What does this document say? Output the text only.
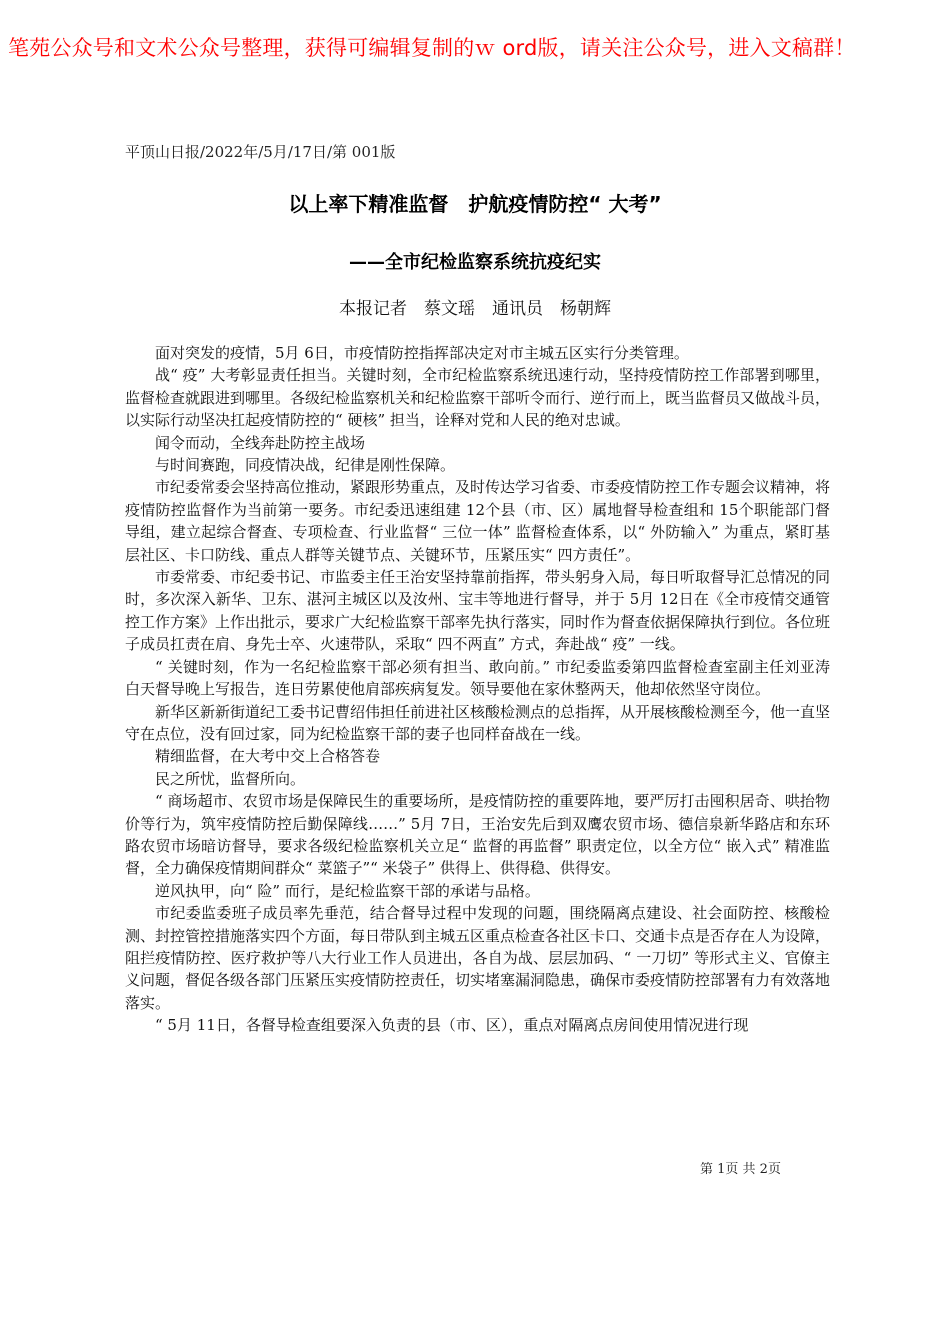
笔苑公众号和文术公众号整理，获得可编辑复制的ｗ ord版，请关注公众号，进入文稿群！
平顶山日报/2022年/5月/17日/第 001版
以上率下精准监督　护航疫情防控“ 大考”
——全市纪检监察系统抗疫纪实
本报记者　蔡文瑶　通讯员　杨朝辉

面对突发的疫情，5月 6日，市疫情防控指挥部决定对市主城五区实行分类管理。

战“ 疫” 大考彰显责任担当。关键时刻，全市纪检监察系统迅速行动，坚持疫情防控工作部署到哪里，监督检查就跟进到哪里。各级纪检监察机关和纪检监察干部听令而行、逆行而上，既当监督员又做战斗员，以实际行动坚决扛起疫情防控的“ 硬核” 担当，诠释对党和人民的绝对忠诚。

闻令而动，全线奔赴防控主战场

与时间赛跑，同疫情决战，纪律是刚性保障。

市纪委常委会坚持高位推动，紧跟形势重点，及时传达学习省委、市委疫情防控工作专题会议精神，将疫情防控监督作为当前第一要务。市纪委迅速组建 12个县（市、区）属地督导检查组和 15个职能部门督导组，建立起综合督查、专项检查、行业监督“ 三位一体” 监督检查体系，以“ 外防输入” 为重点，紧盯基层社区、卡口防线、重点人群等关键节点、关键环节，压紧压实“ 四方责任”。

市委常委、市纪委书记、市监委主任王治安坚持靠前指挥，带头躬身入局，每日听取督导汇总情况的同时，多次深入新华、卫东、湛河主城区以及汝州、宝丰等地进行督导，并于 5月 12日在《全市疫情交通管控工作方案》上作出批示，要求广大纪检监察干部率先执行落实，同时作为督查依据保障执行到位。各位班子成员扛责在肩、身先士卒、火速带队，采取“ 四不两直” 方式，奔赴战“ 疫” 一线。

“ 关键时刻，作为一名纪检监察干部必须有担当、敢向前。” 市纪委监委第四监督检查室副主任刘亚涛白天督导晚上写报告，连日劳累使他肩部疾病复发。领导要他在家休整两天，他却依然坚守岗位。

新华区新新街道纪工委书记曹绍伟担任前进社区核酸检测点的总指挥，从开展核酸检测至今，他一直坚守在点位，没有回过家，同为纪检监察干部的妻子也同样奋战在一线。

精细监督，在大考中交上合格答卷

民之所忧，监督所向。

“ 商场超市、农贸市场是保障民生的重要场所，是疫情防控的重要阵地，要严厉打击囤积居奇、哄抬物价等行为，筑牢疫情防控后勤保障线……” 5月 7日，王治安先后到双鹰农贸市场、德信泉新华路店和东环路农贸市场暗访督导，要求各级纪检监察机关立足“ 监督的再监督” 职责定位，以全方位“ 嵌入式” 精准监督，全力确保疫情期间群众“ 菜篮子”“ 米袋子” 供得上、供得稳、供得安。

逆风执甲，向“ 险” 而行，是纪检监察干部的承诺与品格。

市纪委监委班子成员率先垂范，结合督导过程中发现的问题，围绕隔离点建设、社会面防控、核酸检测、封控管控措施落实四个方面，每日带队到主城五区重点检查各社区卡口、交通卡点是否存在人为设障，阻拦疫情防控、医疗救护等八大行业工作人员进出，各自为战、层层加码、“ 一刀切” 等形式主义、官僚主义问题，督促各级各部门压紧压实疫情防控责任，切实堵塞漏洞隐患，确保市委疫情防控部署有力有效落地落实。

“ 5月 11日，各督导检查组要深入负责的县（市、区），重点对隔离点房间使用情况进行现

第 1页 共 2页
